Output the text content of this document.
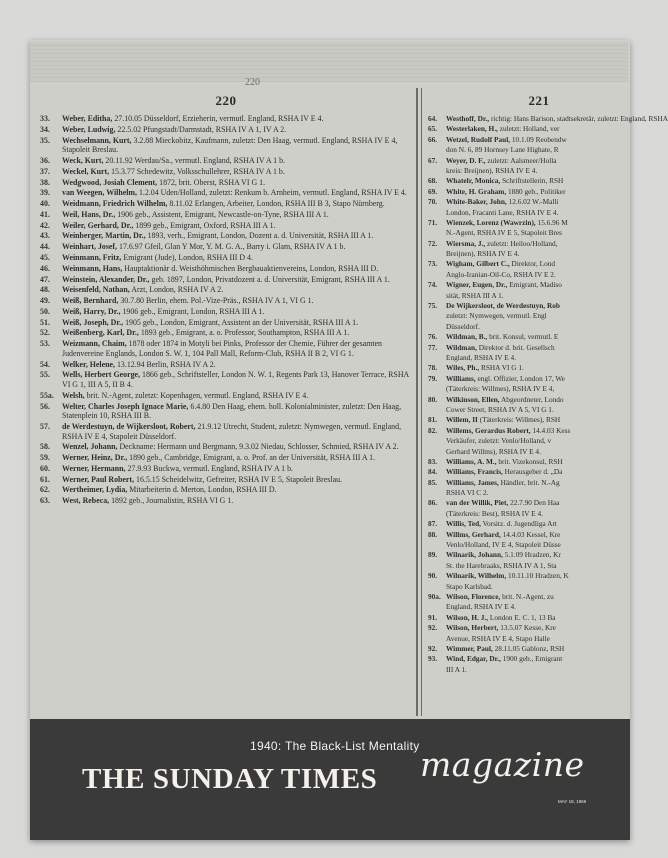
220
220
33.	Weber, Editha, 27.10.05 Düsseldorf, Erzieherin, vermutl. England, RSHA IV E 4.
34.	Weber, Ludwig, 22.5.02 Pfungstadt/Darmstadt, RSHA IV A 1, IV A 2.
35.	Wechselmann, Kurt, 3.2.88 Mieckobitz, Kaufmann, zuletzt: Den Haag, vermutl. England, RSHA IV E 4, Stapoleit Breslau.
36.	Weck, Kurt, 20.11.92 Werdau/Sa., vermutl. England, RSHA IV A 1 b.
37.	Weckel, Kurt, 15.3.77 Schedewitz, Volksschullehrer, RSHA IV A 1 b.
38.	Wedgwood, Josiah Clement, 1872, brit. Oberst, RSHA VI G 1.
39.	van Weegen, Wilhelm, 1.2.04 Uden/Holland, zuletzt: Renkum b. Arnheim, vermutl. England, RSHA IV E 4.
40.	Weidmann, Friedrich Wilhelm, 8.11.02 Erlangen, Arbeiter, London, RSHA III B 3, Stapo Nürnberg.
41.	Weil, Hans, Dr., 1906 geb., Assistent, Emigrant, Newcastle-on-Tyne, RSHA III A 1.
42.	Weiler, Gerhard, Dr., 1899 geb., Emigrant, Oxford, RSHA III A 1.
43.	Weinberger, Martin, Dr., 1893, verh., Emigrant, London, Dozent a. d. Universität, RSHA III A 1.
44.	Weinhart, Josef, 17.6.97 Gfeil, Glan Y Mor, Y. M. G. A., Barry i. Glam, RSHA IV A 1 b.
45.	Weinmann, Fritz, Emigrant (Jude), London, RSHA III D 4.
46.	Weinmann, Hans, Hauptaktionär d. Weisthöhmischen Bergbauaktienvereins, London, RSHA III D.
47.	Weinstein, Alexander, Dr., geb. 1897, London, Privatdozent a. d. Universität, Emigrant, RSHA III A 1.
48.	Weisenfeld, Nathan, Arzt, London, RSHA IV A 2.
49.	Weiß, Bernhard, 30.7.80 Berlin, ehem. Pol.-Vize-Präs., RSHA IV A 1, VI G 1.
50.	Weiß, Harry, Dr., 1906 geb., Emigrant, London, RSHA III A 1.
51.	Weiß, Joseph, Dr., 1905 geb., London, Emigrant, Assistent an der Universität, RSHA III A 1.
52.	Weißenberg, Karl, Dr., 1893 geb., Emigrant, a. o. Professor, Southampton, RSHA III A 1.
53.	Weizmann, Chaim, 1878 oder 1874 in Motyli bei Pinks, Professor der Chemie, Führer der gesamten Judenvereine Englands, London S. W. 1, 104 Pall Mall, Reform-Club, RSHA II B 2, VI G 1.
54.	Welker, Helene, 13.12.94 Berlin, RSHA IV A 2.
55.	Wells, Herbert George, 1866 geb., Schriftsteller, London N. W. 1, Regents Park 13, Hanover Terrace, RSHA VI G 1, III A 5, II B 4.
55a.	Welsh, brit. N.-Agent, zuletzt: Kopenhagen, vermutl. England, RSHA IV E 4.
56.	Welter, Charles Joseph Ignace Marie, 6.4.80 Den Haag, ehem. holl. Kolonialminister, zuletzt: Den Haag, Statenplein 10, RSHA III B.
57.	de Werdestuyn, de Wijkersloot, Robert, 21.9.12 Utrecht, Student, zuletzt: Nymwegen, vermutl. England, RSHA IV E 4, Stapoleit Düsseldorf.
58.	Wenzel, Johann, Deckname: Hermann und Bergmann, 9.3.02 Niedau, Schlosser, Schmied, RSHA IV A 2.
59.	Werner, Heinz, Dr., 1890 geb., Cambridge, Emigrant, a. o. Prof. an der Universität, RSHA III A 1.
60.	Werner, Hermann, 27.9.93 Buckwa, vermutl. England, RSHA IV A 1 b.
61.	Werner, Paul Robert, 16.5.15 Scheidelwitz, Gefreiter, RSHA IV E 5, Stapoleit Breslau.
62.	Wertheimer, Lydia, Mitarbeiterin d. Merton, London, RSHA III D.
63.	West, Rebeca, 1892 geb., Journalistin, RSHA VI G 1.
221
64.	Westhoff, Dr., richtig: Hans Barison, stadtsekretär, zuletzt: England, RSHA
65.	Westerlaken, H., zuletzt: Holland, ver
66.	Wetzel, Rudolf Paul, 10.1.09 Reobendw
don N. 6, 89 Hornsey Lane Highate, R
67.	Weyer, D. F., zuletzt: Aalsmeer/Holla
kreis: Breijnen), RSHA IV E 4.
68.	Whatelr, Monica, Schriftstellerin, RSH
69.	White, H. Graham, 1880 geb., Politiker
70.	White-Baker, John, 12.6.02 W.-Malli
London, Fracanti Lane, RSHA IV E 4.
71.	Wienzek, Lorenz (Wawrzin), 15.6.96 M
N.-Agent, RSHA IV E 5, Stapoleit Bres
72.	Wiersma, J., zuletzt: Heiloo/Holland,
Breijnen), RSHA IV E 4.
73.	Wigham, Gilbert C., Direktor, Lond
Anglo-Iranian-Oil-Co, RSHA IV E 2.
74.	Wigner, Eugen, Dr., Emigrant, Madiso
sität, RSHA III A 1.
75.	De Wijkersloot, de Werdestuyn, Rob
zuletzt: Nymwegen, vermutl. Engl
Düsseldorf.
76.	Wildman, B., brit. Konsul, vermutl. E
77.	Wildman, Direktor d. brit. Gesellsch
England, RSHA IV E 4.
78.	Wiles, Ph., RSHA VI G 1.
79.	Williams, engl. Offizier, London 17, We
(Täterkreis: Willmes), RSHA IV E 4,
80.	Wilkinson, Ellen, Abgeordneter, Londo
Cower Street, RSHA IV A 5, VI G 1.
81.	Willem, II (Täterkreis: Willmes), RSH
82.	Willems, Gerardus Robert, 14.4.03 Kess
Verkäufer, zuletzt: Venlo/Holland, v
Gerhard Willms), RSHA IV E 4.
83.	Williams, A. M., brit. Vizekonsul, RSH
84.	Williams, Francis, Herausgeber d. „Da
85.	Williams, James, Händler, brit. N.-Ag
RSHA VI C 2.
86.	van der Willik, Piet, 22.7.90 Den Haa
(Täterkreis: Best), RSHA IV E 4.
87.	Willis, Ted, Vorsitz. d. Jugendliga Art
88.	Willms, Gerhard, 14.4.03 Kessel, Kre
Venlo/Holland, IV E 4, Stapoleit Düsse
89.	Wilnarik, Johann, 5.1.09 Hradzen, Kr
St. the Harebraaks, RSHA IV A 1, Sta
90.	Wilnarik, Wilhelm, 10.11.10 Hradzen, K
Stapo Karlsbad.
90a. Wilson, Florence, brit. N.-Agent, zu
England, RSHA IV E 4.
91.	Wilson, H. J., London E. C. 1, 13 Ba
92.	Wilson, Herbert, 13.5.07 Kesse, Kre
Avenue, RSHA IV E 4, Stapo Halle
92.	Wimmer, Paul, 28.11.05 Gablonz, RSH
93.	Wind, Edgar, Dr., 1900 geb., Emigrant
III A 1.
1940: The Black-List Mentality
THE SUNDAY TIMES magazine
MAY 18, 1969
